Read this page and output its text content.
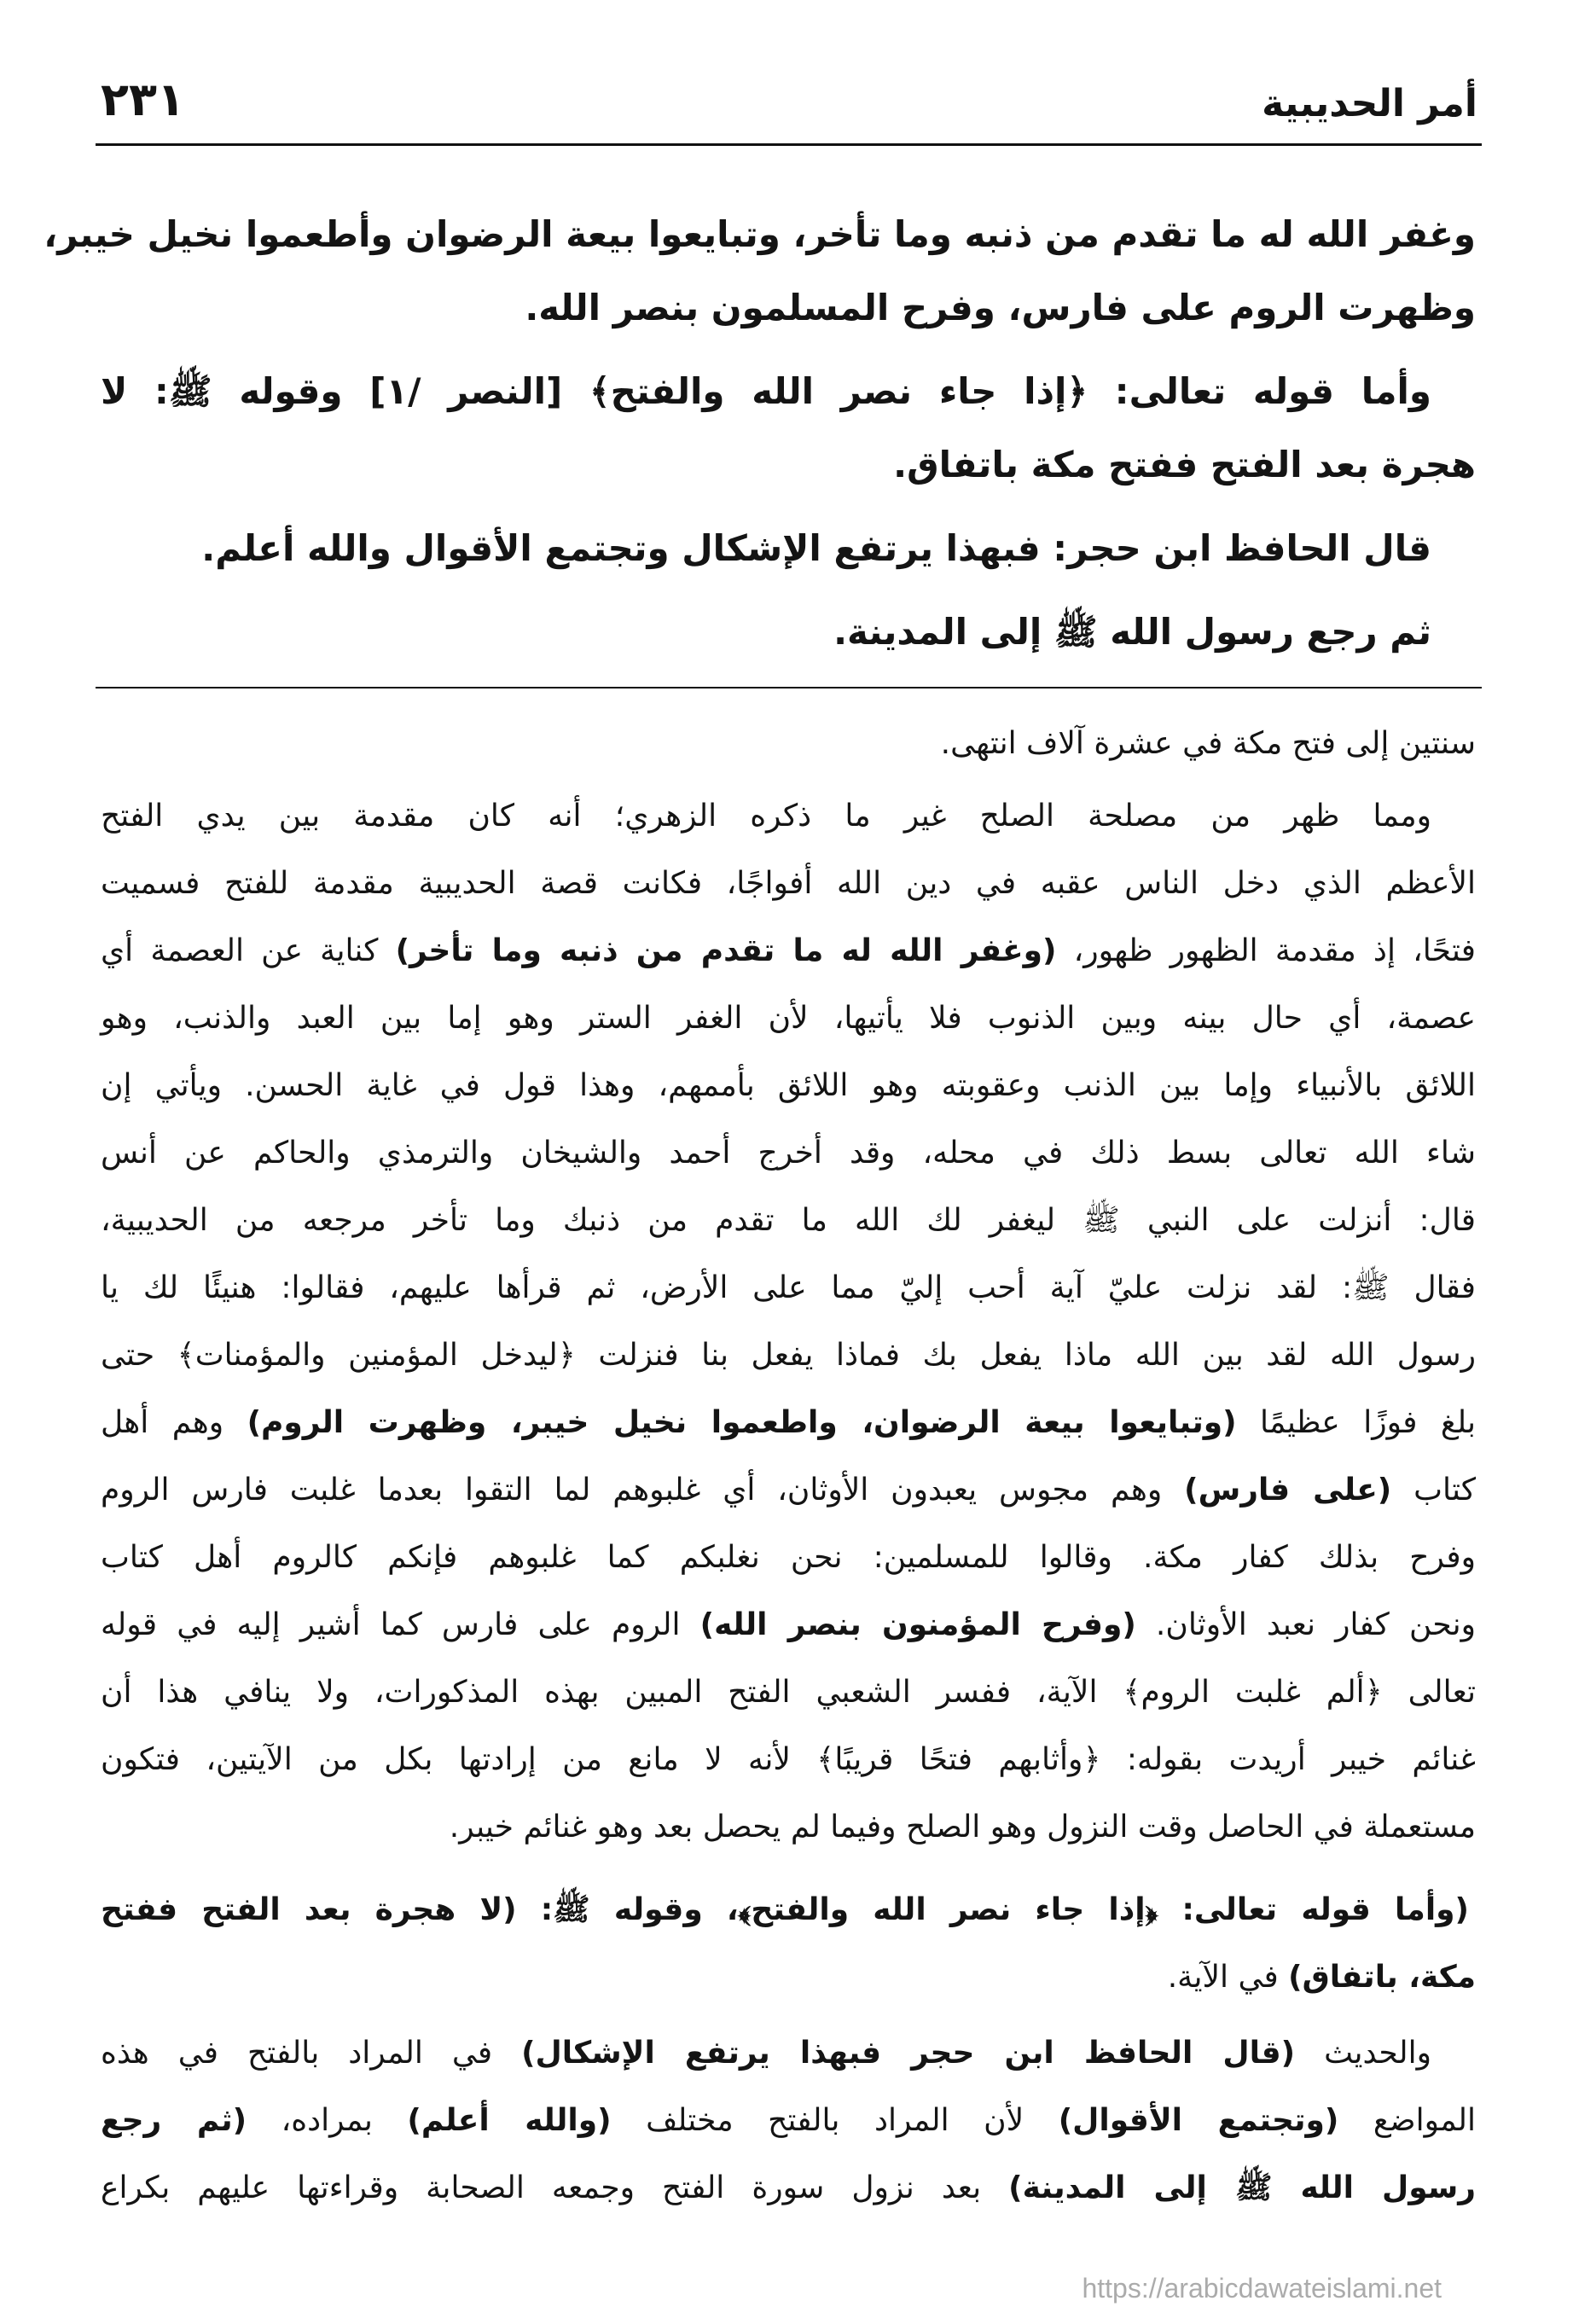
أمر الحديبية
٢٣١
وغفر الله له ما تقدم من ذنبه وما تأخر، وتبايعوا بيعة الرضوان وأطعموا نخيل خيبر،
وظهرت الروم على فارس، وفرح المسلمون بنصر الله.
وأما قوله تعالى: ﴿إذا جاء نصر الله والفتح﴾ [النصر /١] وقوله ﷺ: لا
هجرة بعد الفتح ففتح مكة باتفاق.
قال الحافظ ابن حجر: فبهذا يرتفع الإشكال وتجتمع الأقوال والله أعلم.
ثم رجع رسول الله ﷺ إلى المدينة.
سنتين إلى فتح مكة في عشرة آلاف انتهى.
ومما ظهر من مصلحة الصلح غير ما ذكره الزهري؛ أنه كان مقدمة بين يدي الفتح
الأعظم الذي دخل الناس عقبه في دين الله أفواجًا، فكانت قصة الحديبية مقدمة للفتح فسميت
فتحًا، إذ مقدمة الظهور ظهور، (وغفر الله له ما تقدم من ذنبه وما تأخر) كناية عن العصمة أي
عصمة، أي حال بينه وبين الذنوب فلا يأتيها، لأن الغفر الستر وهو إما بين العبد والذنب، وهو
اللائق بالأنبياء وإما بين الذنب وعقوبته وهو اللائق بأممهم، وهذا قول في غاية الحسن. ويأتي إن
شاء الله تعالى بسط ذلك في محله، وقد أخرج أحمد والشيخان والترمذي والحاكم عن أنس
قال: أنزلت على النبي ﷺ ليغفر لك الله ما تقدم من ذنبك وما تأخر مرجعه من الحديبية،
فقال ﷺ: لقد نزلت عليّ آية أحب إليّ مما على الأرض، ثم قرأها عليهم، فقالوا: هنيئًا لك يا
رسول الله لقد بين الله ماذا يفعل بك فماذا يفعل بنا فنزلت ﴿ليدخل المؤمنين والمؤمنات﴾ حتى
بلغ فوزًا عظيمًا (وتبايعوا بيعة الرضوان، واطعموا نخيل خيبر، وظهرت الروم) وهم أهل
كتاب (على فارس) وهم مجوس يعبدون الأوثان، أي غلبوهم لما التقوا بعدما غلبت فارس الروم
وفرح بذلك كفار مكة. وقالوا للمسلمين: نحن نغلبكم كما غلبوهم فإنكم كالروم أهل كتاب
ونحن كفار نعبد الأوثان. (وفرح المؤمنون بنصر الله) الروم على فارس كما أشير إليه في قوله
تعالى ﴿ألم غلبت الروم﴾ الآية، ففسر الشعبي الفتح المبين بهذه المذكورات، ولا ينافي هذا أن
غنائم خيبر أريدت بقوله: ﴿وأثابهم فتحًا قريبًا﴾ لأنه لا مانع من إرادتها بكل من الآيتين، فتكون
مستعملة في الحاصل وقت النزول وهو الصلح وفيما لم يحصل بعد وهو غنائم خيبر.
(وأما قوله تعالى: ﴿إذا جاء نصر الله والفتح﴾، وقوله ﷺ: (لا هجرة بعد الفتح ففتح
مكة، باتفاق) في الآية.
والحديث (قال الحافظ ابن حجر فبهذا يرتفع الإشكال) في المراد بالفتح في هذه
المواضع (وتجتمع الأقوال) لأن المراد بالفتح مختلف (والله أعلم) بمراده، (ثم رجع
رسول الله ﷺ إلى المدينة) بعد نزول سورة الفتح وجمعه الصحابة وقراءتها عليهم بكراع
https://arabicdawateislami.net
